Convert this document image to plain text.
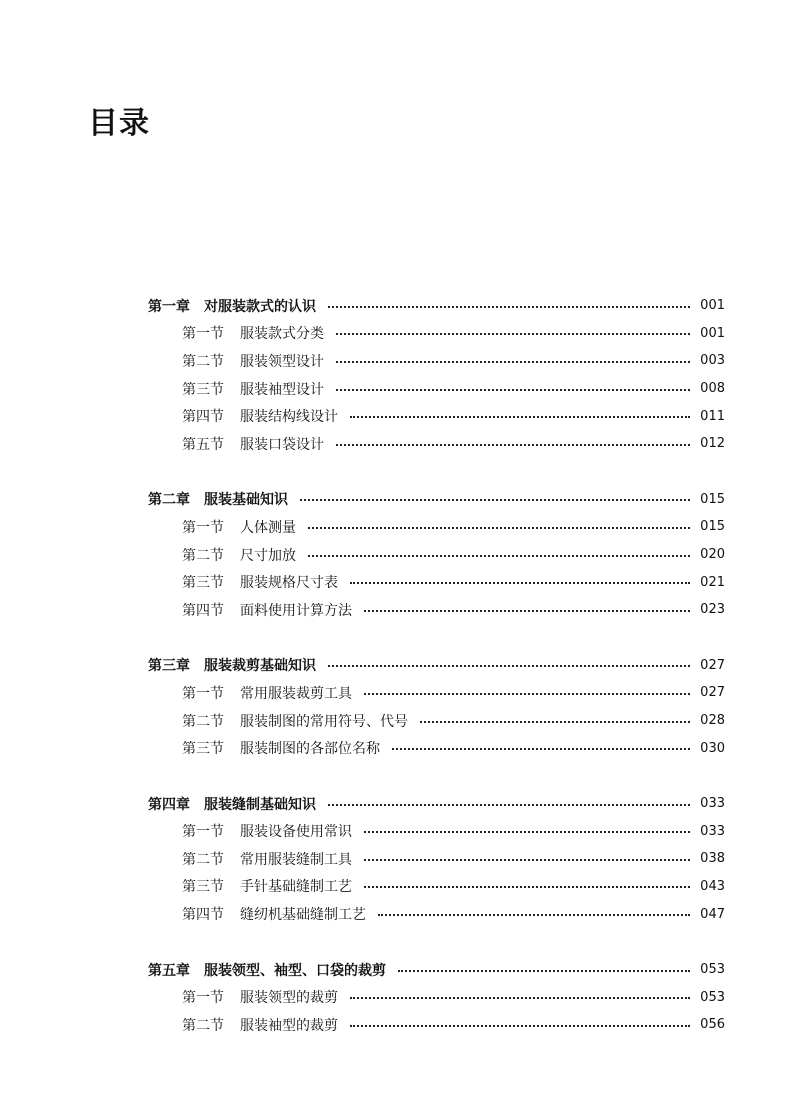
目录
第一章 对服装款式的认识	001
第一节 服装款式分类	001
第二节 服装领型设计	003
第三节 服装袖型设计	008
第四节 服装结构线设计	011
第五节 服装口袋设计	012
第二章 服装基础知识	015
第一节 人体测量	015
第二节 尺寸加放	020
第三节 服装规格尺寸表	021
第四节 面料使用计算方法	023
第三章 服装裁剪基础知识	027
第一节 常用服装裁剪工具	027
第二节 服装制图的常用符号、代号	028
第三节 服装制图的各部位名称	030
第四章 服装缝制基础知识	033
第一节 服装设备使用常识	033
第二节 常用服装缝制工具	038
第三节 手针基础缝制工艺	043
第四节 缝纫机基础缝制工艺	047
第五章 服装领型、袖型、口袋的裁剪	053
第一节 服装领型的裁剪	053
第二节 服装袖型的裁剪	056
